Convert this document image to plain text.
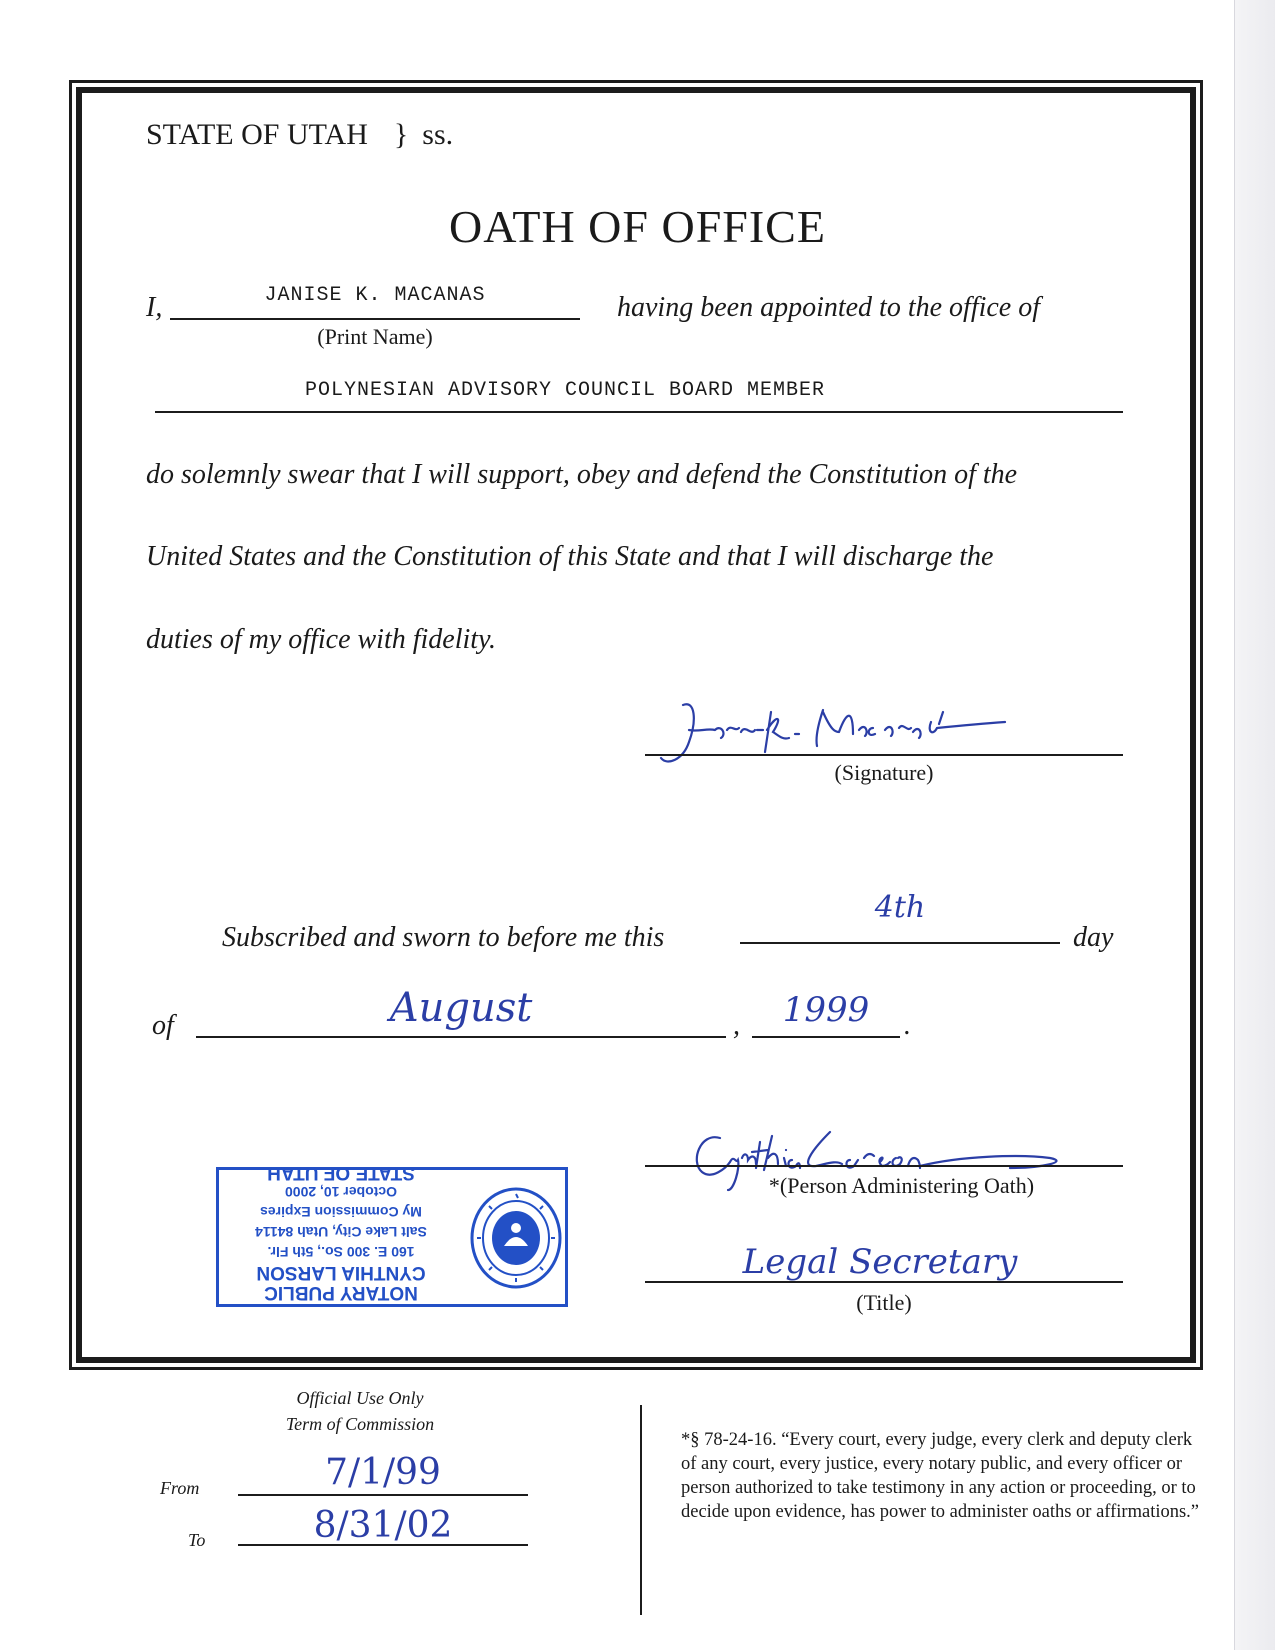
STATE OF UTAH } ss.
OATH OF OFFICE
I,	JANISE K. MACANAS
(Print Name)
having been appointed to the office of
POLYNESIAN ADVISORY COUNCIL BOARD MEMBER
do solemnly swear that I will support, obey and defend the Constitution of the
United States and the Constitution of this State and that I will discharge the
duties of my office with fidelity.
(Signature)
Subscribed and sworn to before me this
4th
day
of	August	,	1999	.
NOTARY PUBLIC
CYNTHIA LARSON
160 E. 300 So., 5th Flr.
Salt Lake City, Utah 84114
My Commission Expires
October 10, 2000
STATE OF UTAH
*(Person Administering Oath)
Legal Secretary
(Title)
Official Use Only
Term of Commission
From	7/1/99
To	8/31/02
*§ 78-24-16. “Every court, every judge, every clerk and deputy clerk of any court, every justice, every notary public, and every officer or person authorized to take testimony in any action or proceeding, or to decide upon evidence, has power to administer oaths or affirmations.”
